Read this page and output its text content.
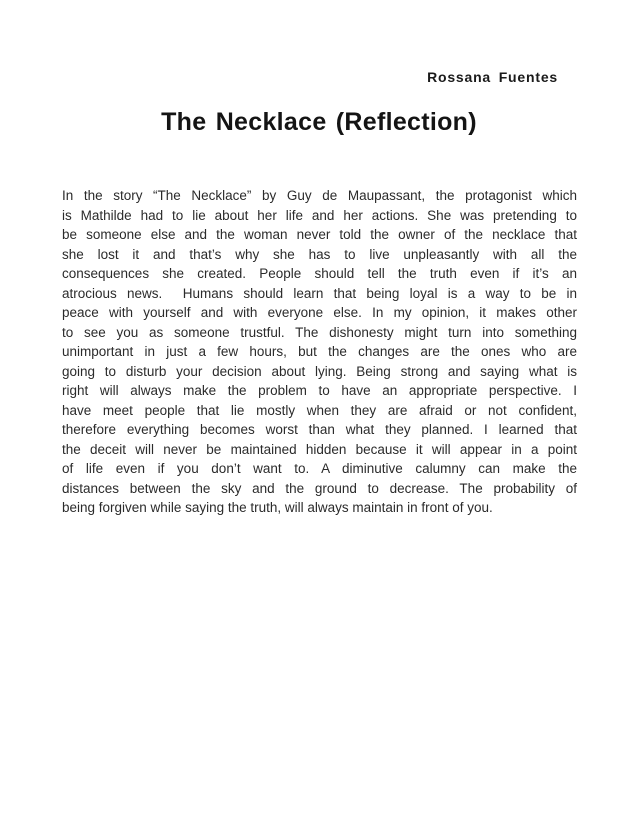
Rossana Fuentes
The Necklace (Reflection)
In the story “The Necklace” by Guy de Maupassant, the protagonist which
is Mathilde had to lie about her life and her actions. She was pretending to
be someone else and the woman never told the owner of the necklace that
she lost it and that’s why she has to live unpleasantly with all the
consequences she created. People should tell the truth even if it’s an
atrocious news.  Humans should learn that being loyal is a way to be in
peace with yourself and with everyone else. In my opinion, it makes other
to see you as someone trustful. The dishonesty might turn into something
unimportant in just a few hours, but the changes are the ones who are
going to disturb your decision about lying. Being strong and saying what is
right will always make the problem to have an appropriate perspective. I
have meet people that lie mostly when they are afraid or not confident,
therefore everything becomes worst than what they planned. I learned that
the deceit will never be maintained hidden because it will appear in a point
of life even if you don’t want to. A diminutive calumny can make the
distances between the sky and the ground to decrease. The probability of
being forgiven while saying the truth, will always maintain in front of you.
